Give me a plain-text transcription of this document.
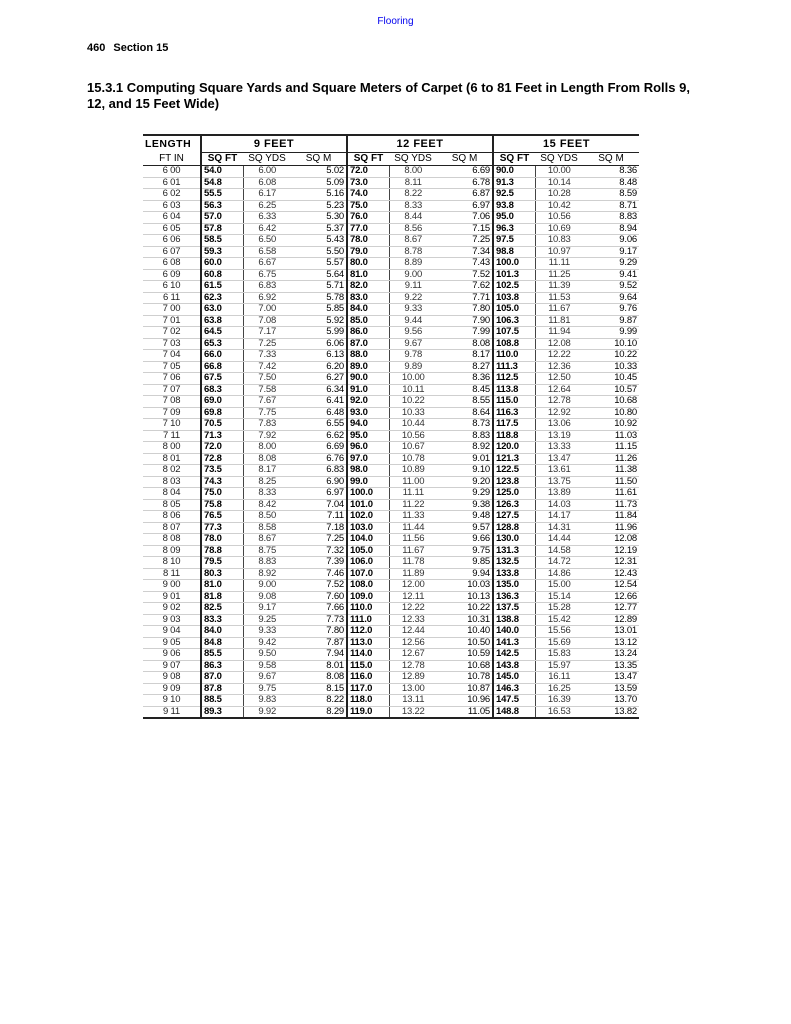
Flooring
460 Section 15
15.3.1 Computing Square Yards and Square Meters of Carpet (6 to 81 Feet in Length From Rolls 9, 12, and 15 Feet Wide)
LENGTH	9 FEET			12 FEET			15 FEET		
FT IN	SQ FT	SQ YDS	SQ M	SQ FT	SQ YDS	SQ M	SQ FT	SQ YDS	SQ M
6 00	54.0	6.00	5.02	72.0	8.00	6.69	90.0	10.00	8.36
6 01	54.8	6.08	5.09	73.0	8.11	6.78	91.3	10.14	8.48
6 02	55.5	6.17	5.16	74.0	8.22	6.87	92.5	10.28	8.59
6 03	56.3	6.25	5.23	75.0	8.33	6.97	93.8	10.42	8.71
6 04	57.0	6.33	5.30	76.0	8.44	7.06	95.0	10.56	8.83
6 05	57.8	6.42	5.37	77.0	8.56	7.15	96.3	10.69	8.94
6 06	58.5	6.50	5.43	78.0	8.67	7.25	97.5	10.83	9.06
6 07	59.3	6.58	5.50	79.0	8.78	7.34	98.8	10.97	9.17
6 08	60.0	6.67	5.57	80.0	8.89	7.43	100.0	11.11	9.29
6 09	60.8	6.75	5.64	81.0	9.00	7.52	101.3	11.25	9.41
6 10	61.5	6.83	5.71	82.0	9.11	7.62	102.5	11.39	9.52
6 11	62.3	6.92	5.78	83.0	9.22	7.71	103.8	11.53	9.64
7 00	63.0	7.00	5.85	84.0	9.33	7.80	105.0	11.67	9.76
7 01	63.8	7.08	5.92	85.0	9.44	7.90	106.3	11.81	9.87
7 02	64.5	7.17	5.99	86.0	9.56	7.99	107.5	11.94	9.99
7 03	65.3	7.25	6.06	87.0	9.67	8.08	108.8	12.08	10.10
7 04	66.0	7.33	6.13	88.0	9.78	8.17	110.0	12.22	10.22
7 05	66.8	7.42	6.20	89.0	9.89	8.27	111.3	12.36	10.33
7 06	67.5	7.50	6.27	90.0	10.00	8.36	112.5	12.50	10.45
7 07	68.3	7.58	6.34	91.0	10.11	8.45	113.8	12.64	10.57
7 08	69.0	7.67	6.41	92.0	10.22	8.55	115.0	12.78	10.68
7 09	69.8	7.75	6.48	93.0	10.33	8.64	116.3	12.92	10.80
7 10	70.5	7.83	6.55	94.0	10.44	8.73	117.5	13.06	10.92
7 11	71.3	7.92	6.62	95.0	10.56	8.83	118.8	13.19	11.03
8 00	72.0	8.00	6.69	96.0	10.67	8.92	120.0	13.33	11.15
8 01	72.8	8.08	6.76	97.0	10.78	9.01	121.3	13.47	11.26
8 02	73.5	8.17	6.83	98.0	10.89	9.10	122.5	13.61	11.38
8 03	74.3	8.25	6.90	99.0	11.00	9.20	123.8	13.75	11.50
8 04	75.0	8.33	6.97	100.0	11.11	9.29	125.0	13.89	11.61
8 05	75.8	8.42	7.04	101.0	11.22	9.38	126.3	14.03	11.73
8 06	76.5	8.50	7.11	102.0	11.33	9.48	127.5	14.17	11.84
8 07	77.3	8.58	7.18	103.0	11.44	9.57	128.8	14.31	11.96
8 08	78.0	8.67	7.25	104.0	11.56	9.66	130.0	14.44	12.08
8 09	78.8	8.75	7.32	105.0	11.67	9.75	131.3	14.58	12.19
8 10	79.5	8.83	7.39	106.0	11.78	9.85	132.5	14.72	12.31
8 11	80.3	8.92	7.46	107.0	11.89	9.94	133.8	14.86	12.43
9 00	81.0	9.00	7.52	108.0	12.00	10.03	135.0	15.00	12.54
9 01	81.8	9.08	7.60	109.0	12.11	10.13	136.3	15.14	12.66
9 02	82.5	9.17	7.66	110.0	12.22	10.22	137.5	15.28	12.77
9 03	83.3	9.25	7.73	111.0	12.33	10.31	138.8	15.42	12.89
9 04	84.0	9.33	7.80	112.0	12.44	10.40	140.0	15.56	13.01
9 05	84.8	9.42	7.87	113.0	12.56	10.50	141.3	15.69	13.12
9 06	85.5	9.50	7.94	114.0	12.67	10.59	142.5	15.83	13.24
9 07	86.3	9.58	8.01	115.0	12.78	10.68	143.8	15.97	13.35
9 08	87.0	9.67	8.08	116.0	12.89	10.78	145.0	16.11	13.47
9 09	87.8	9.75	8.15	117.0	13.00	10.87	146.3	16.25	13.59
9 10	88.5	9.83	8.22	118.0	13.11	10.96	147.5	16.39	13.70
9 11	89.3	9.92	8.29	119.0	13.22	11.05	148.8	16.53	13.82
